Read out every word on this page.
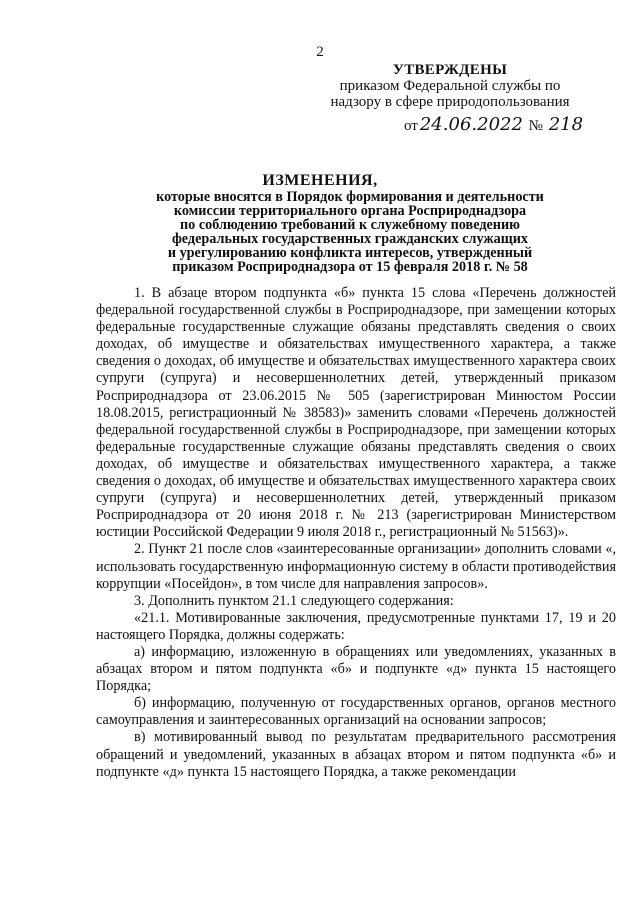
2
УТВЕРЖДЕНЫ
приказом Федеральной службы по
надзору в сфере природопользования
от 24.06.2022 № 218
ИЗМЕНЕНИЯ,
которые вносятся в Порядок формирования и деятельности
комиссии территориального органа Росприроднадзора
по соблюдению требований к служебному поведению
федеральных государственных гражданских служащих
и урегулированию конфликта интересов, утвержденный
приказом Росприроднадзора от 15 февраля 2018 г. № 58

1. В абзаце втором подпункта «б» пункта 15 слова «Перечень должностей федеральной государственной службы в Росприроднадзоре, при замещении которых федеральные государственные служащие обязаны представлять сведения о своих доходах, об имуществе и обязательствах имущественного характера, а также сведения о доходах, об имуществе и обязательствах имущественного характера своих супруги (супруга) и несовершеннолетних детей, утвержденный приказом Росприроднадзора от 23.06.2015 № 505 (зарегистрирован Минюстом России 18.08.2015, регистрационный № 38583)» заменить словами «Перечень должностей федеральной государственной службы в Росприроднадзоре, при замещении которых федеральные государственные служащие обязаны представлять сведения о своих доходах, об имуществе и обязательствах имущественного характера, а также сведения о доходах, об имуществе и обязательствах имущественного характера своих супруги (супруга) и несовершеннолетних детей, утвержденный приказом Росприроднадзора от 20 июня 2018 г. № 213 (зарегистрирован Министерством юстиции Российской Федерации 9 июля 2018 г., регистрационный № 51563)».

2. Пункт 21 после слов «заинтересованные организации» дополнить словами «, использовать государственную информационную систему в области противодействия коррупции «Посейдон», в том числе для направления запросов».

3. Дополнить пунктом 21.1 следующего содержания:

«21.1. Мотивированные заключения, предусмотренные пунктами 17, 19 и 20 настоящего Порядка, должны содержать:

а) информацию, изложенную в обращениях или уведомлениях, указанных в абзацах втором и пятом подпункта «б» и подпункте «д» пункта 15 настоящего Порядка;

б) информацию, полученную от государственных органов, органов местного самоуправления и заинтересованных организаций на основании запросов;

в) мотивированный вывод по результатам предварительного рассмотрения обращений и уведомлений, указанных в абзацах втором и пятом подпункта «б» и подпункте «д» пункта 15 настоящего Порядка, а также рекомендации
